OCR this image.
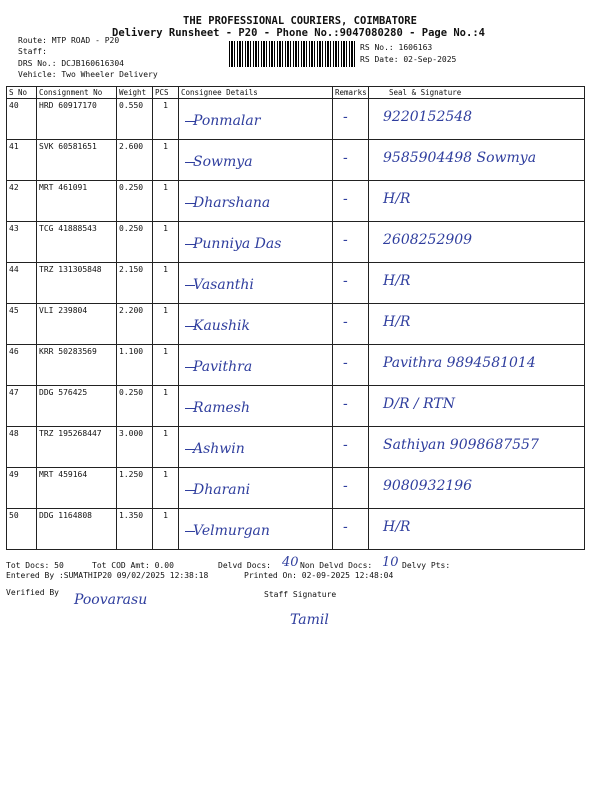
THE PROFESSIONAL COURIERS, COIMBATORE
Delivery Runsheet - P20 - Phone No.:9047080280 - Page No.:4
Route: MTP ROAD - P20
Staff:
DRS No.: DCJB160616304
Vehicle: Two Wheeler Delivery
RS No.: 1606163
RS Date: 02-Sep-2025
S No	Consignment No	Weight	PCS	Consignee Details	Remarks	Seal & Signature

40	HRD 60917170	0.550	1	Ponmalar	-	9220152548

41	SVK 60581651	2.600	1	Sowmya	-	9585904498 Sowmya

42	MRT 461091	0.250	1	Dharshana	-	H/R

43	TCG 41888543	0.250	1	Punniya Das	-	2608252909

44	TRZ 131305848	2.150	1	Vasanthi	-	H/R

45	VLI 239804	2.200	1	Kaushik	-	H/R

46	KRR 50283569	1.100	1	Pavithra	-	Pavithra 9894581014

47	DDG 576425	0.250	1	Ramesh	-	D/R / RTN

48	TRZ 195268447	3.000	1	Ashwin	-	Sathiyan 9098687557

49	MRT 459164	1.250	1	Dharani	-	9080932196

50	DDG 1164808	1.350	1	Velmurgan	-	H/R
Tot Docs: 50	Tot COD Amt: 0.00	Delvd Docs: 40 Non Delvd Docs: 10 Delvy Pts:
Entered By :SUMATHIP20 09/02/2025 12:38:18	Printed On: 02-09-2025 12:48:04
Verified By Poovarasu	Staff Signature
Tamil
